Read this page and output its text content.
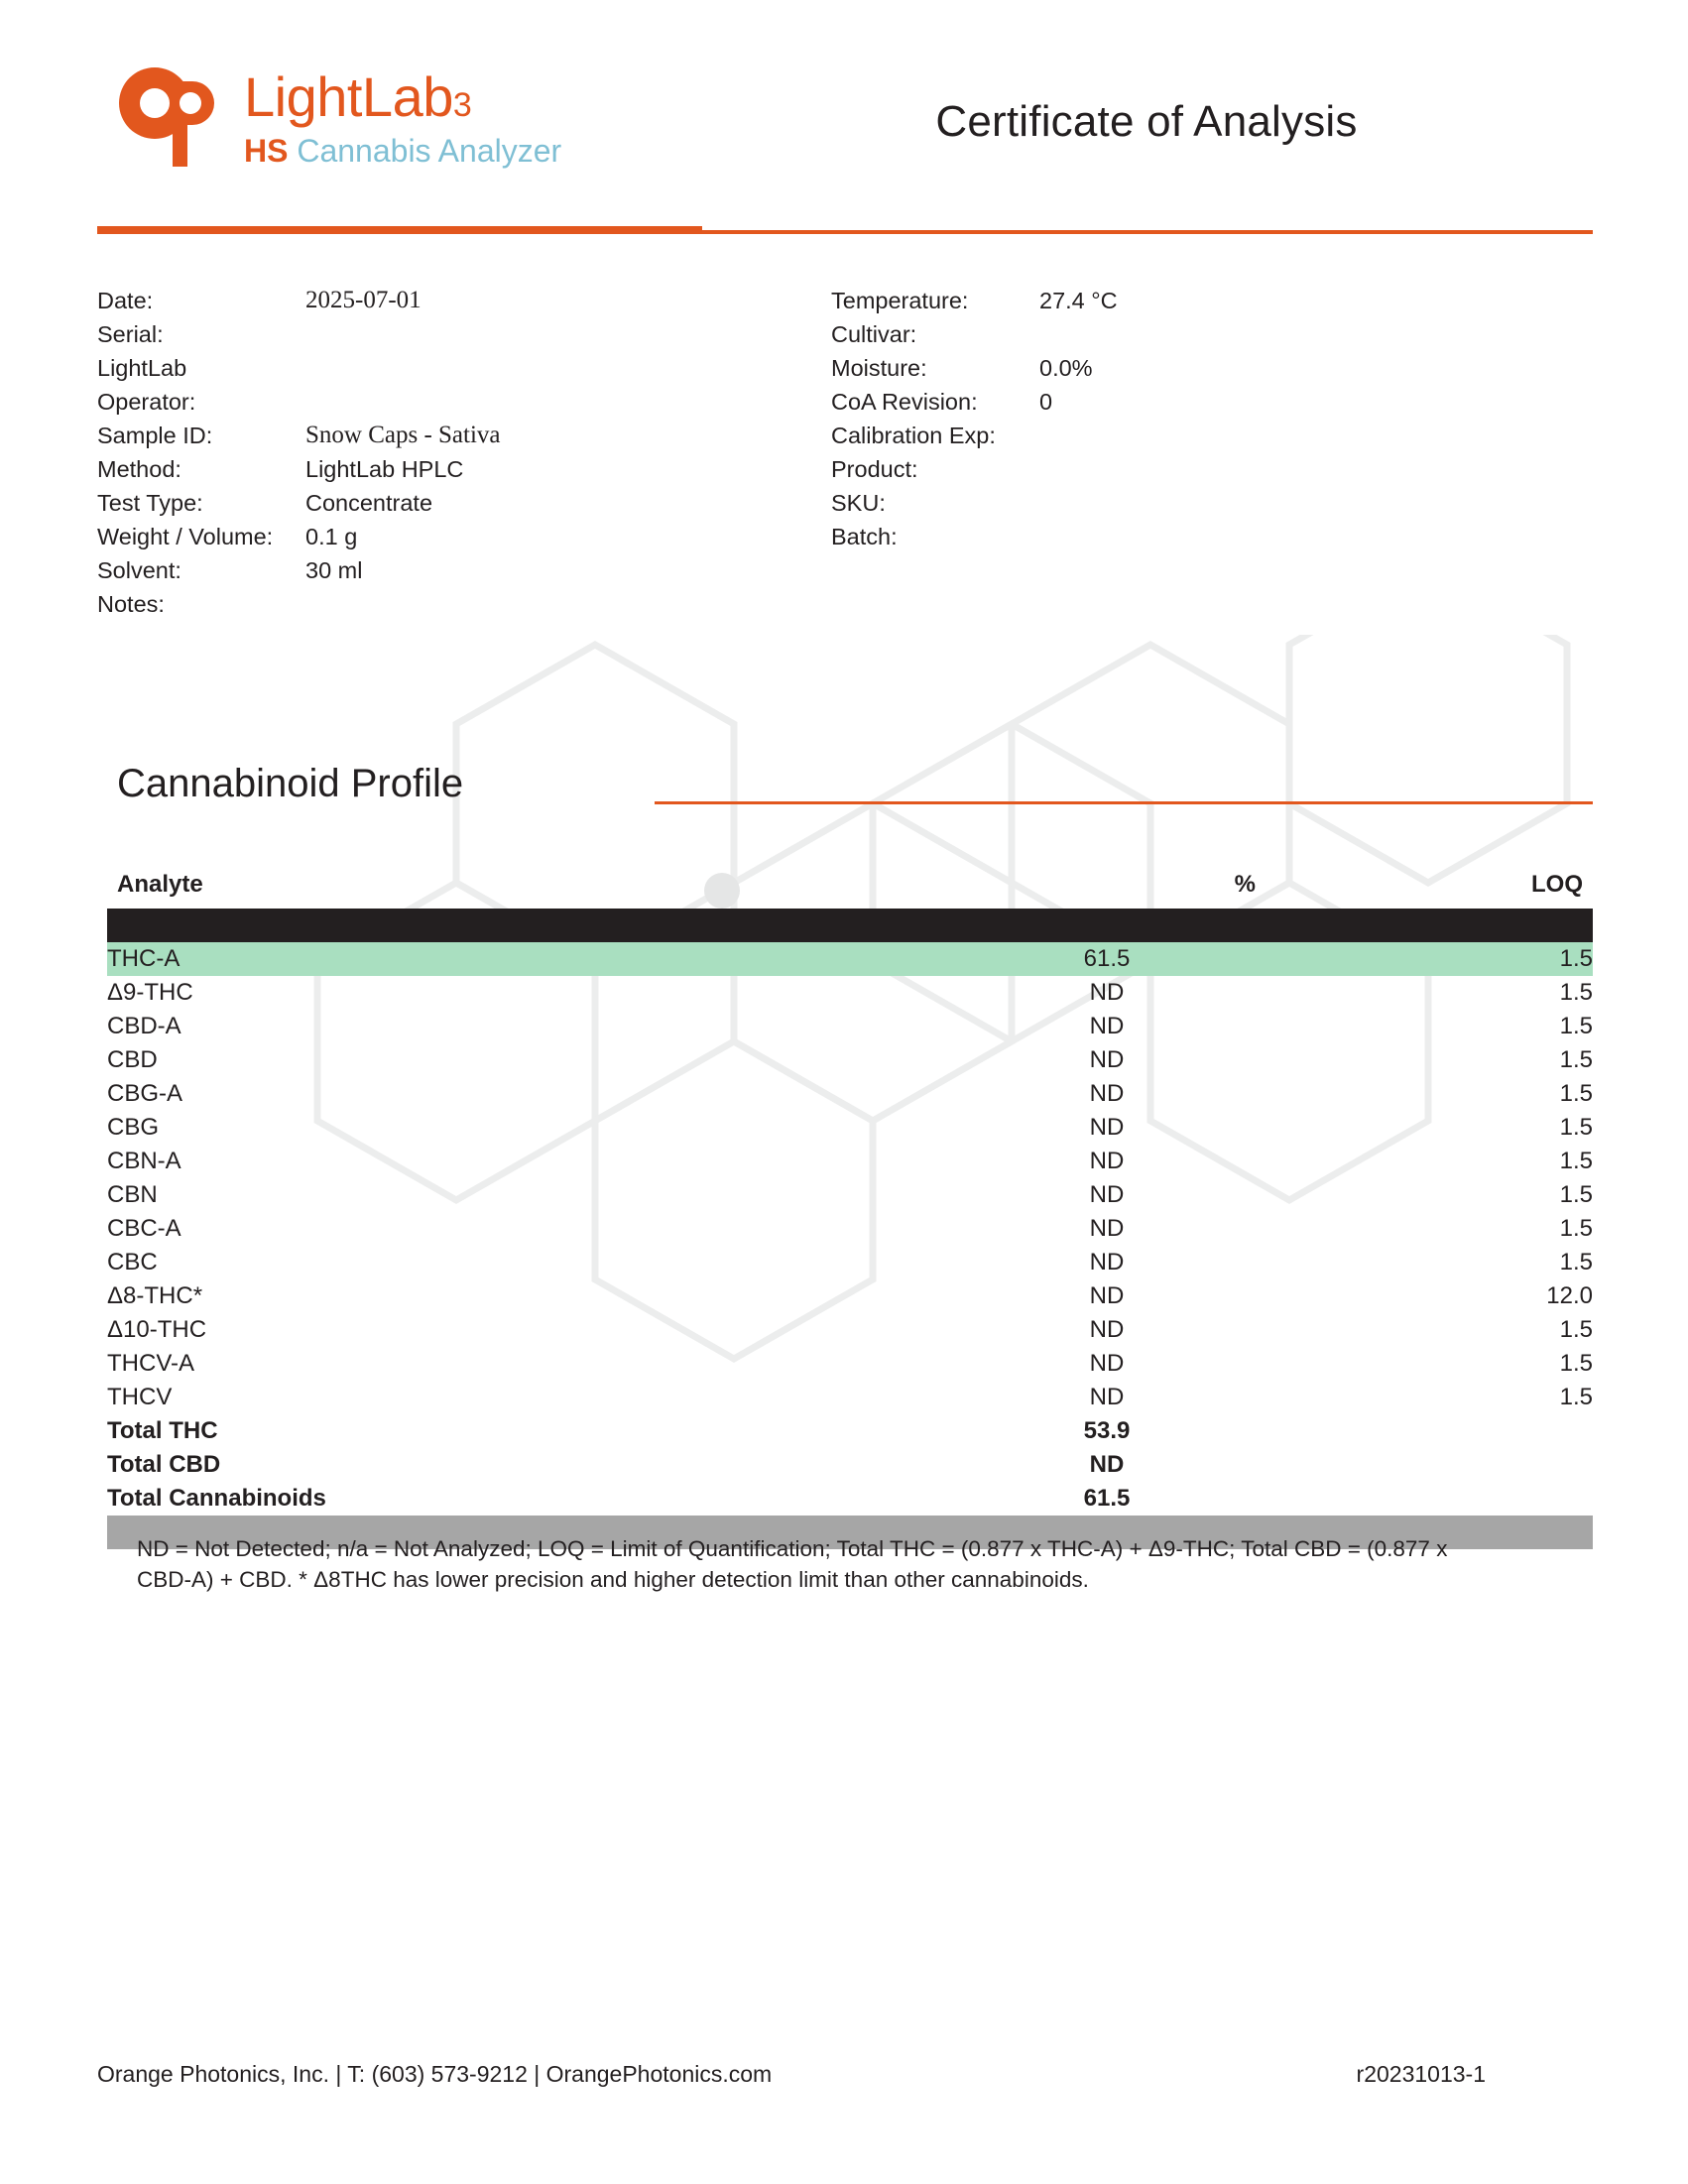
LightLab3
HS Cannabis Analyzer
Certificate of Analysis
Date:	2025-07-01
Serial:
LightLab
Operator:
Sample ID:	Snow Caps - Sativa
Method:	LightLab HPLC
Test Type:	Concentrate
Weight / Volume: 0.1 g
Solvent:	30 ml
Notes:
Temperature:	27.4 °C
Cultivar:
Moisture:	0.0%
CoA Revision:	0
Calibration Exp:
Product:
SKU:
Batch:
Cannabinoid Profile
Analyte	%	LOQ

THC-A	61.5	1.5
Δ9-THC	ND	1.5
CBD-A	ND	1.5
CBD	ND	1.5
CBG-A	ND	1.5
CBG	ND	1.5
CBN-A	ND	1.5
CBN	ND	1.5
CBC-A	ND	1.5
CBC	ND	1.5
Δ8-THC*	ND	12.0
Δ10-THC	ND	1.5
THCV-A	ND	1.5
THCV	ND	1.5
Total THC	53.9	
Total CBD	ND	
Total Cannabinoids	61.5	

ND = Not Detected; n/a = Not Analyzed; LOQ = Limit of Quantification; Total THC = (0.877 x THC-A) + Δ9-THC; Total CBD = (0.877 x CBD-A) + CBD. * Δ8THC has lower precision and higher detection limit than other cannabinoids.
Orange Photonics, Inc. | T: (603) 573-9212 | OrangePhotonics.com	r20231013-1
